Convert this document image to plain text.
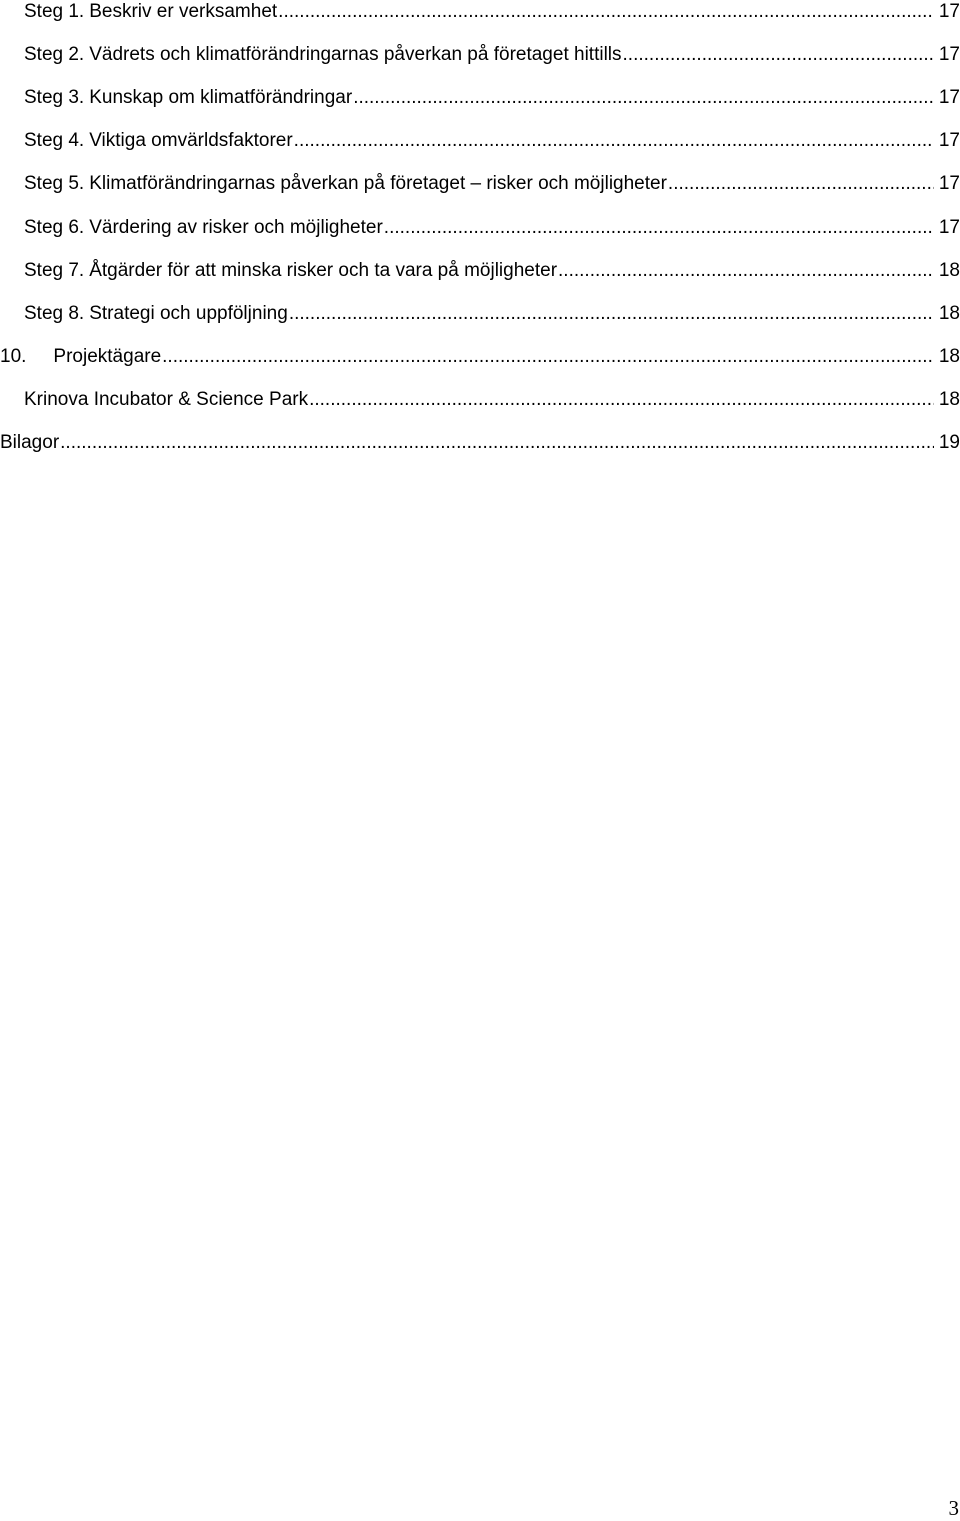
Steg 1. Beskriv er verksamhet .....	17
Steg 2. Vädrets och klimatförändringarnas påverkan på företaget hittills .....	17
Steg 3. Kunskap om klimatförändringar .....	17
Steg 4. Viktiga omvärldsfaktorer .....	17
Steg 5. Klimatförändringarnas påverkan på företaget – risker och möjligheter .....	17
Steg 6. Värdering av risker och möjligheter .....	17
Steg 7. Åtgärder för att minska risker och ta vara på möjligheter .....	18
Steg 8. Strategi och uppföljning .....	18
10.	Projektägare .....	18
Krinova Incubator & Science Park .....	18
Bilagor .....	19
3
